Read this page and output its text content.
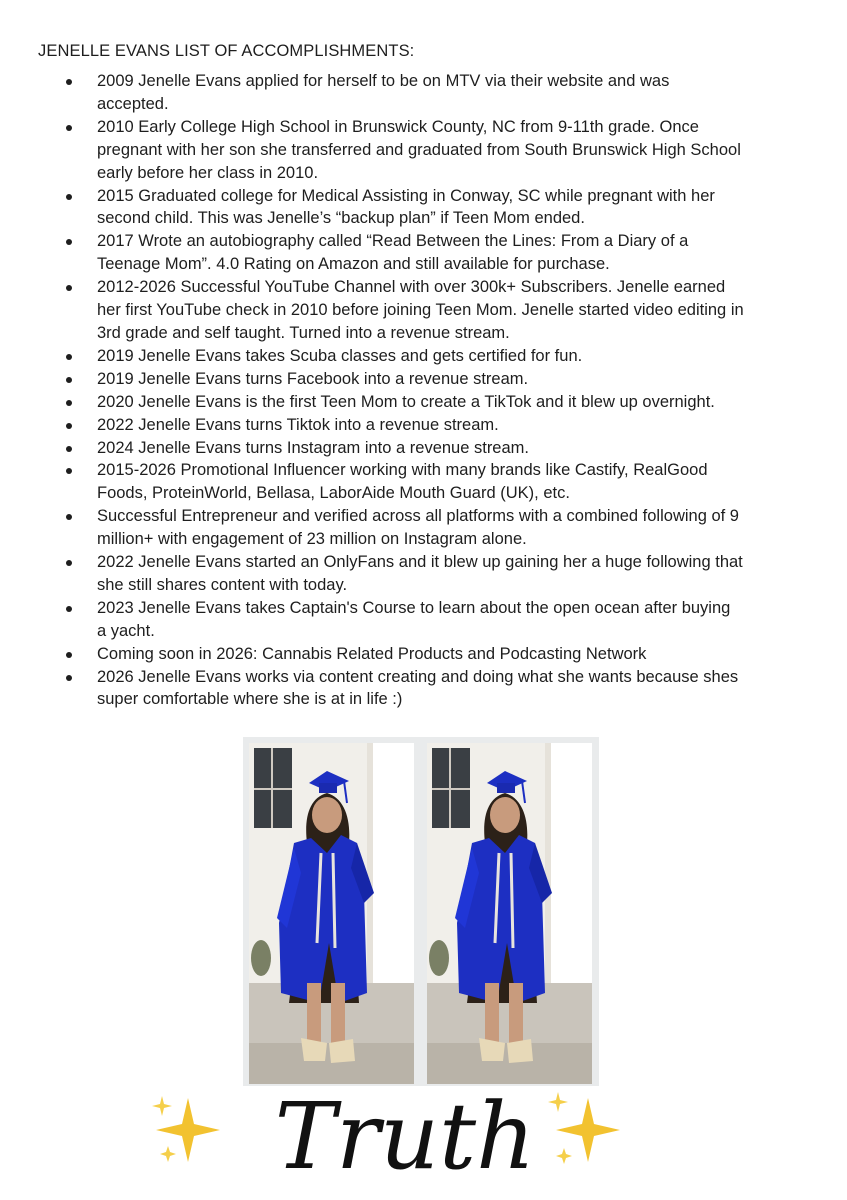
JENELLE EVANS LIST OF ACCOMPLISHMENTS:
2009 Jenelle Evans applied for herself to be on MTV via their website and was
accepted.
2010 Early College High School in Brunswick County, NC from 9-11th grade. Once
pregnant with her son she transferred and graduated from South Brunswick High School
early before her class in 2010.
2015 Graduated college for Medical Assisting in Conway, SC while pregnant with her
second child. This was Jenelle’s “backup plan” if Teen Mom ended.
2017 Wrote an autobiography called “Read Between the Lines: From a Diary of a
Teenage Mom”. 4.0 Rating on Amazon and still available for purchase.
2012-2026 Successful YouTube Channel with over 300k+ Subscribers. Jenelle earned
her first YouTube check in 2010 before joining Teen Mom. Jenelle started video editing in
3rd grade and self taught. Turned into a revenue stream.
2019 Jenelle Evans takes Scuba classes and gets certified for fun.
2019 Jenelle Evans turns Facebook into a revenue stream.
2020 Jenelle Evans is the first Teen Mom to create a TikTok and it blew up overnight.
2022 Jenelle Evans turns Tiktok into a revenue stream.
2024 Jenelle Evans turns Instagram into a revenue stream.
2015-2026 Promotional Influencer working with many brands like Castify, RealGood
Foods, ProteinWorld, Bellasa, LaborAide Mouth Guard (UK), etc.
Successful Entrepreneur and verified across all platforms with a combined following of 9
million+ with engagement of 23 million on Instagram alone.
2022 Jenelle Evans started an OnlyFans and it blew up gaining her a huge following that
she still shares content with today.
2023 Jenelle Evans takes Captain's Course to learn about the open ocean after buying
a yacht.
Coming soon in 2026: Cannabis Related Products and Podcasting Network
2026 Jenelle Evans works via content creating and doing what she wants because shes
super comfortable where she is at in life :)
Truth
